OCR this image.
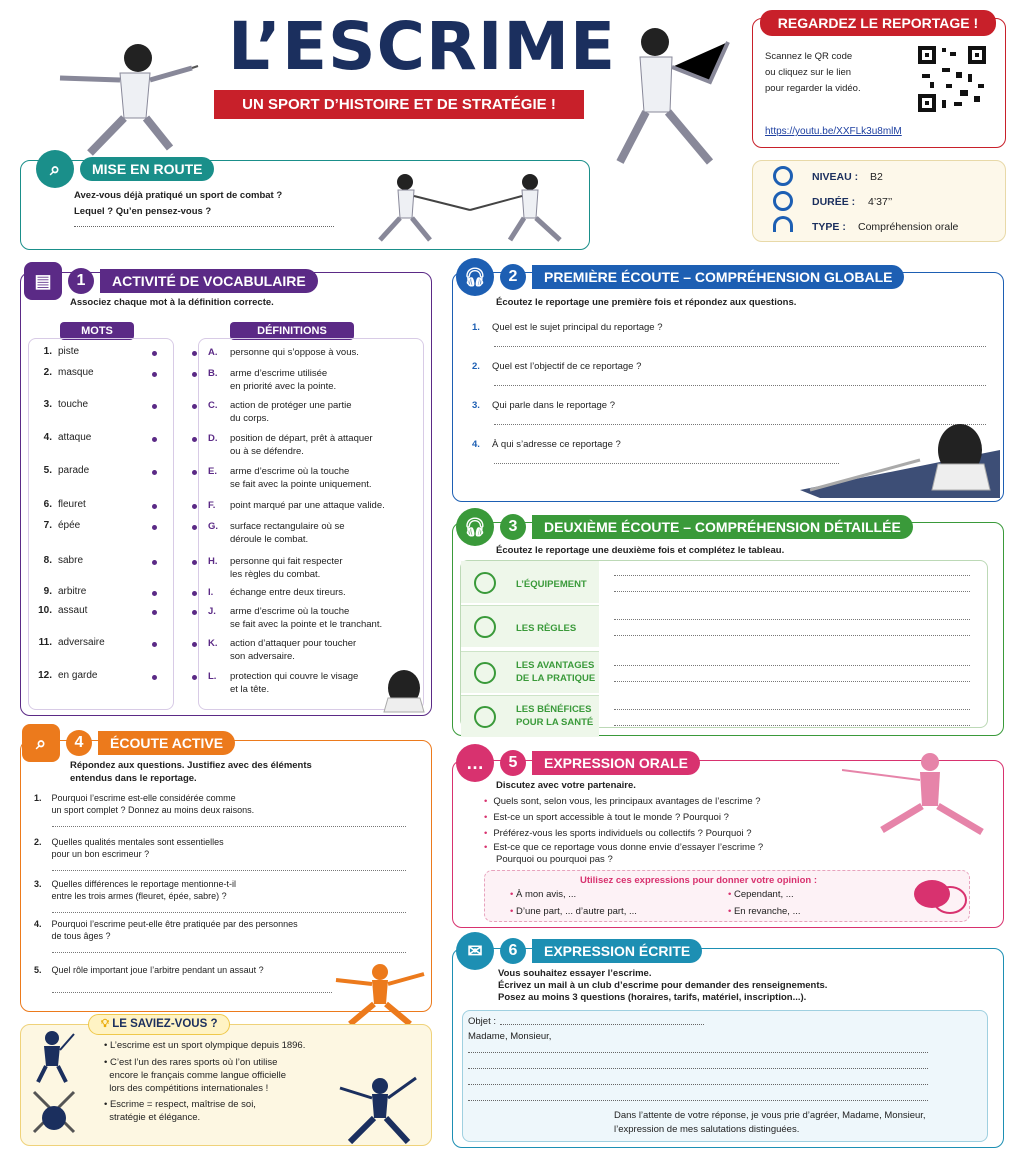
L’ESCRIME
UN SPORT D’HISTOIRE ET DE STRATÉGIE !
REGARDEZ LE REPORTAGE !
Scannez le QR code
ou cliquez sur le lien
pour regarder la vidéo.
https://youtu.be/XXFLk3u8mlM
NIVEAU : B2
DURÉE : 4’37’’
TYPE : Compréhension orale
⌕	MISE EN ROUTE
Avez-vous déjà pratiqué un sport de combat ?
Lequel ? Qu’en pensez-vous ?
▤	1	ACTIVITÉ DE VOCABULAIRE
Associez chaque mot à la définition correcte.
MOTS	DÉFINITIONS
1. piste	A.	personne qui s’oppose à vous.
2. masque	B.	arme d’escrime utilisée
en priorité avec la pointe.
3. touche	C.	action de protéger une partie
du corps.
4. attaque	D.	position de départ, prêt à attaquer
ou à se défendre.
5. parade	E.	arme d’escrime où la touche
se fait avec la pointe uniquement.
6. fleuret	F.	point marqué par une attaque valide.
7. épée	G.	surface rectangulaire où se
déroule le combat.
8. sabre	H.	personne qui fait respecter
les règles du combat.
9. arbitre	I.	échange entre deux tireurs.
10. assaut	J.	arme d’escrime où la touche
se fait avec la pointe et le tranchant.
11. adversaire	K.	action d’attaquer pour toucher
son adversaire.
12. en garde	L.	protection qui couvre le visage
et la tête.
🎧︎	2	PREMIÈRE ÉCOUTE – COMPRÉHENSION GLOBALE
Écoutez le reportage une première fois et répondez aux questions.
1. Quel est le sujet principal du reportage ?
2. Quel est l’objectif de ce reportage ?
3. Qui parle dans le reportage ?
4. À qui s’adresse ce reportage ?
🎧︎	3	DEUXIÈME ÉCOUTE – COMPRÉHENSION DÉTAILLÉE
Écoutez le reportage une deuxième fois et complétez le tableau.
L’ÉQUIPEMENT
LES RÈGLES
LES AVANTAGES
DE LA PRATIQUE
LES BÉNÉFICES
POUR LA SANTÉ
⌕	4	ÉCOUTE ACTIVE
Répondez aux questions. Justifiez avec des éléments
entendus dans le reportage.
1. Pourquoi l’escrime est-elle considérée comme
un sport complet ? Donnez au moins deux raisons.
2. Quelles qualités mentales sont essentielles
pour un bon escrimeur ?
3. Quelles différences le reportage mentionne-t-il
entre les trois armes (fleuret, épée, sabre) ?
4. Pourquoi l’escrime peut-elle être pratiquée par des personnes
de tous âges ?
5. Quel rôle important joue l’arbitre pendant un assaut ?
💡︎ LE SAVIEZ-VOUS ?
• L’escrime est un sport olympique depuis 1896.
• C’est l’un des rares sports où l’on utilise
encore le français comme langue officielle
lors des compétitions internationales !
• Escrime = respect, maîtrise de soi,
stratégie et élégance.
…	5	EXPRESSION ORALE
Discutez avec votre partenaire.
• Quels sont, selon vous, les principaux avantages de l’escrime ?
• Est-ce un sport accessible à tout le monde ? Pourquoi ?
• Préférez-vous les sports individuels ou collectifs ? Pourquoi ?
• Est-ce que ce reportage vous donne envie d’essayer l’escrime ?
Pourquoi ou pourquoi pas ?
Utilisez ces expressions pour donner votre opinion :
• À mon avis, ...
• D’une part, ... d’autre part, ...
• Cependant, ...
• En revanche, ...
✉︎	6	EXPRESSION ÉCRITE
Vous souhaitez essayer l’escrime.
Écrivez un mail à un club d’escrime pour demander des renseignements.
Posez au moins 3 questions (horaires, tarifs, matériel, inscription...).
Objet :
Madame, Monsieur,
Dans l’attente de votre réponse, je vous prie d’agréer, Madame, Monsieur,
l’expression de mes salutations distinguées.
